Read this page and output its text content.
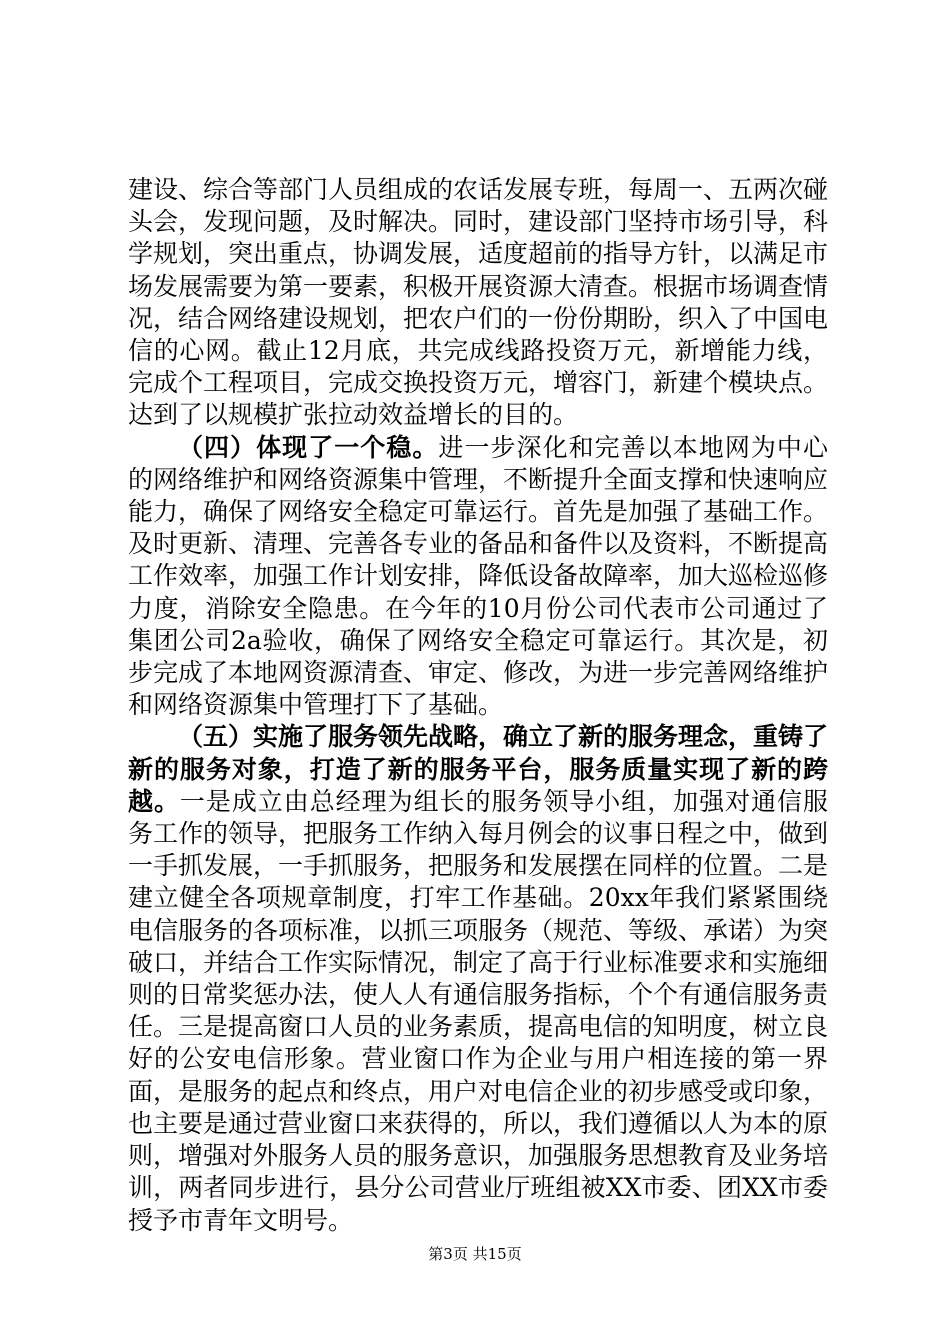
建设、综合等部门人员组成的农话发展专班，每周一、五两次碰头会，发现问题，及时解决。同时，建设部门坚持市场引导，科学规划，突出重点，协调发展，适度超前的指导方针，以满足市场发展需要为第一要素，积极开展资源大清查。根据市场调查情况，结合网络建设规划，把农户们的一份份期盼，织入了中国电信的心网。截止12月底，共完成线路投资万元，新增能力线，完成个工程项目，完成交换投资万元，增容门，新建个模块点。达到了以规模扩张拉动效益增长的目的。

（四）体现了一个稳。进一步深化和完善以本地网为中心的网络维护和网络资源集中管理，不断提升全面支撑和快速响应能力，确保了网络安全稳定可靠运行。首先是加强了基础工作。及时更新、清理、完善各专业的备品和备件以及资料，不断提高工作效率，加强工作计划安排，降低设备故障率，加大巡检巡修力度，消除安全隐患。在今年的10月份公司代表市公司通过了集团公司2a验收，确保了网络安全稳定可靠运行。其次是，初步完成了本地网资源清查、审定、修改，为进一步完善网络维护和网络资源集中管理打下了基础。

（五）实施了服务领先战略，确立了新的服务理念，重铸了新的服务对象，打造了新的服务平台，服务质量实现了新的跨越。一是成立由总经理为组长的服务领导小组，加强对通信服务工作的领导，把服务工作纳入每月例会的议事日程之中，做到一手抓发展，一手抓服务，把服务和发展摆在同样的位置。二是建立健全各项规章制度，打牢工作基础。20xx年我们紧紧围绕电信服务的各项标准，以抓三项服务（规范、等级、承诺）为突破口，并结合工作实际情况，制定了高于行业标准要求和实施细则的日常奖惩办法，使人人有通信服务指标，个个有通信服务责任。三是提高窗口人员的业务素质，提高电信的知明度，树立良好的公安电信形象。营业窗口作为企业与用户相连接的第一界面，是服务的起点和终点，用户对电信企业的初步感受或印象，也主要是通过营业窗口来获得的，所以，我们遵循以人为本的原则，增强对外服务人员的服务意识，加强服务思想教育及业务培训，两者同步进行，县分公司营业厅班组被XX市委、团XX市委授予市青年文明号。

第3页 共15页
